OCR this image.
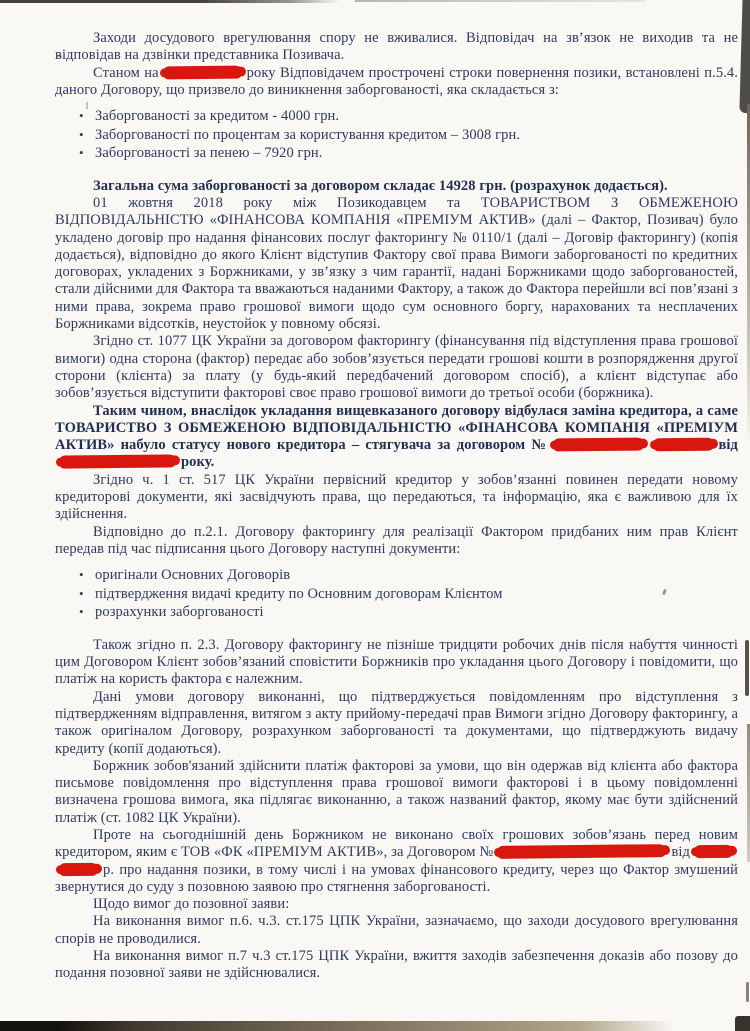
Заходи досудового врегулювання спору не вживалися. Відповідач на зв’язок не виходив та не відповідав на дзвінки представника Позивача.

Станом на	року Відповідачем прострочені строки повернення позики, встановлені п.5.4. даного Договору, що призвело до виникнення заборгованості, яка складається з:

• Заборгованості за кредитом - 4000 грн.
• Заборгованості по процентам за користування кредитом – 3008 грн.
• Заборгованості за пенею – 7920 грн.

Загальна сума заборгованості за договором складає 14928 грн. (розрахунок додається).

01 жовтня 2018 року між Позикодавцем та ТОВАРИСТВОМ З ОБМЕЖЕНОЮ ВІДПОВІДАЛЬНІСТЮ «ФІНАНСОВА КОМПАНІЯ «ПРЕМІУМ АКТИВ» (далі – Фактор, Позивач) було укладено договір про надання фінансових послуг факторингу № 0110/1 (далі – Договір факторингу) (копія додається), відповідно до якого Клієнт відступив Фактору свої права Вимоги заборгованості по кредитних договорах, укладених з Боржниками, у зв’язку з чим гарантії, надані Боржниками щодо заборгованостей, стали дійсними для Фактора та вважаються наданими Фактору, а також до Фактора перейшли всі пов’язані з ними права, зокрема право грошової вимоги щодо сум основного боргу, нарахованих та несплачених Боржниками відсотків, неустойок у повному обсязі.

Згідно ст. 1077 ЦК України за договором факторингу (фінансування під відступлення права грошової вимоги) одна сторона (фактор) передає або зобов’язується передати грошові кошти в розпорядження другої сторони (клієнта) за плату (у будь-який передбачений договором спосіб), а клієнт відступає або зобов’язується відступити факторові своє право грошової вимоги до третьої особи (боржника).

Таким чином, внаслідок укладання вищевказаного договору відбулася заміна кредитора, а саме ТОВАРИСТВО З ОБМЕЖЕНОЮ ВІДПОВІДАЛЬНІСТЮ «ФІНАНСОВА КОМПАНІЯ «ПРЕМІУМ АКТИВ» набуло статусу нового кредитора – стягувача за договором №	відроку.

Згідно ч. 1 ст. 517 ЦК України первісний кредитор у зобов’язанні повинен передати новому кредиторові документи, які засвідчують права, що передаються, та інформацію, яка є важливою для їх здійснення.

Відповідно до п.2.1. Договору факторингу для реалізації Фактором придбаних ним прав Клієнт передав під час підписання цього Договору наступні документи:

• оригінали Основних Договорів
• підтвердження видачі кредиту по Основним договорам Клієнтом
• розрахунки заборгованості

Також згідно п. 2.3. Договору факторингу не пізніше тридцяти робочих днів після набуття чинності цим Договором Клієнт зобов’язаний сповістити Боржників про укладання цього Договору і повідомити, що платіж на користь фактора є належним.

Дані умови договору виконанні, що підтверджується повідомленням про відступлення з підтвердженням відправлення, витягом з акту прийому-передачі прав Вимоги згідно Договору факторингу, а також оригіналом Договору, розрахунком заборгованості та документами, що підтверджують видачу кредиту (копії додаються).

Боржник зобов'язаний здійснити платіж факторові за умови, що він одержав від клієнта або фактора письмове повідомлення про відступлення права грошової вимоги факторові і в цьому повідомленні визначена грошова вимога, яка підлягає виконанню, а також названий фактор, якому має бути здійснений платіж (ст. 1082 ЦК України).

Проте на сьогоднішній день Боржником не виконано своїх грошових зобов’язань перед новим кредитором, яким є ТОВ «ФК «ПРЕМІУМ АКТИВ», за Договором №	відр. про надання позики, в тому числі і на умовах фінансового кредиту, через що Фактор змушений звернутися до суду з позовною заявою про стягнення заборгованості.

Щодо вимог до позовної заяви:

На виконання вимог п.6. ч.3. ст.175 ЦПК України, зазначаємо, що заходи досудового врегулювання спорів не проводилися.

На виконання вимог п.7 ч.3 ст.175 ЦПК України, вжиття заходів забезпечення доказів або позову до подання позовної заяви не здійснювалися.
